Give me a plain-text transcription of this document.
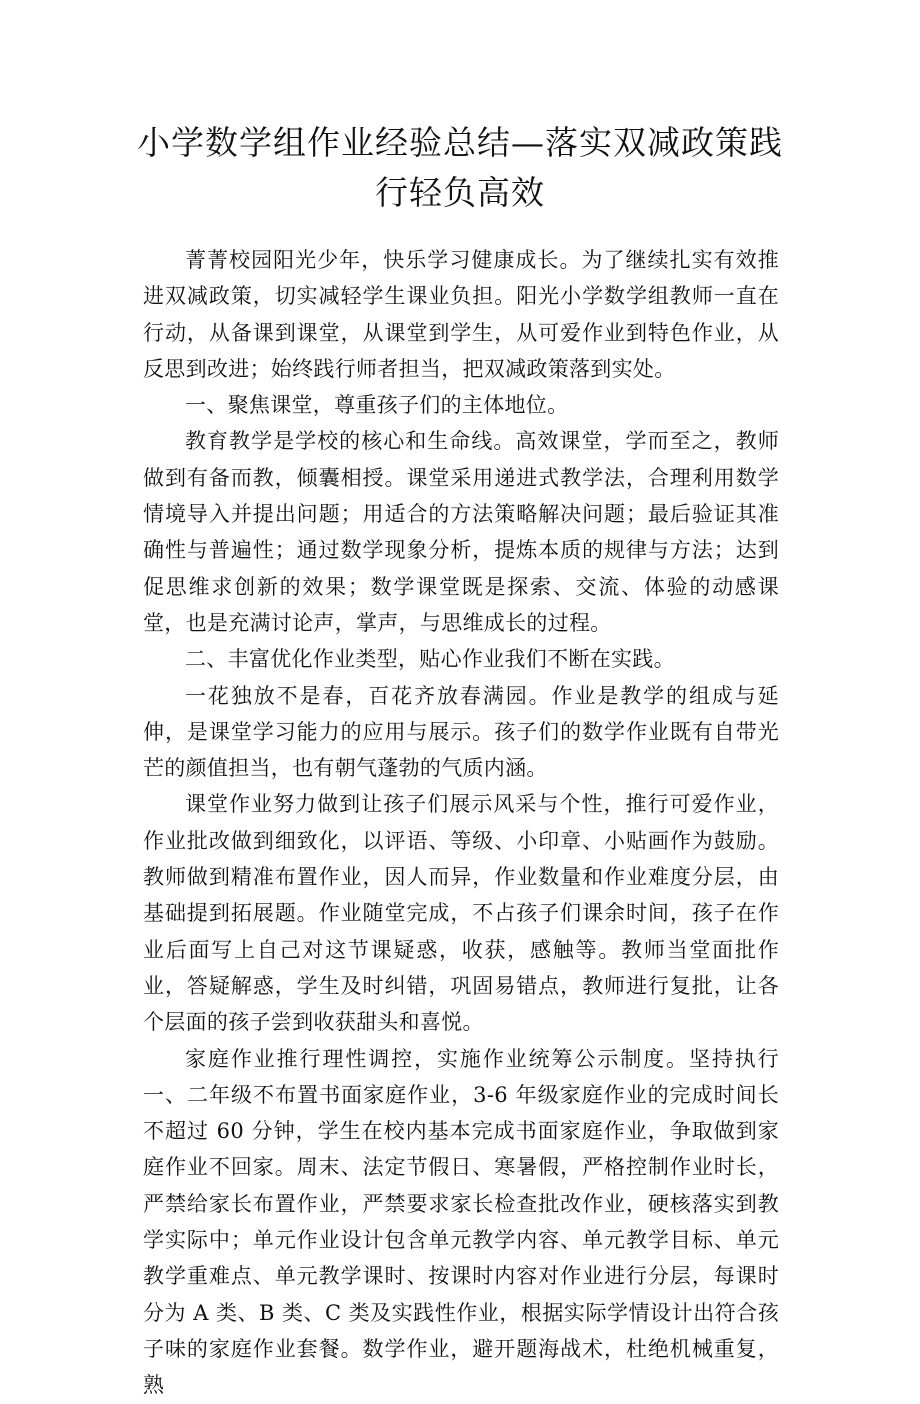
小学数学组作业经验总结—落实双减政策践
行轻负高效

菁菁校园阳光少年，快乐学习健康成长。为了继续扎实有效推进双减政策，切实减轻学生课业负担。阳光小学数学组教师一直在行动，从备课到课堂，从课堂到学生，从可爱作业到特色作业，从反思到改进；始终践行师者担当，把双减政策落到实处。

一、聚焦课堂，尊重孩子们的主体地位。

教育教学是学校的核心和生命线。高效课堂，学而至之，教师做到有备而教，倾囊相授。课堂采用递进式教学法，合理利用数学情境导入并提出问题；用适合的方法策略解决问题；最后验证其准确性与普遍性；通过数学现象分析，提炼本质的规律与方法；达到促思维求创新的效果；数学课堂既是探索、交流、体验的动感课堂，也是充满讨论声，掌声，与思维成长的过程。

二、丰富优化作业类型，贴心作业我们不断在实践。

一花独放不是春，百花齐放春满园。作业是教学的组成与延伸，是课堂学习能力的应用与展示。孩子们的数学作业既有自带光芒的颜值担当，也有朝气蓬勃的气质内涵。

课堂作业努力做到让孩子们展示风采与个性，推行可爱作业，作业批改做到细致化，以评语、等级、小印章、小贴画作为鼓励。教师做到精准布置作业，因人而异，作业数量和作业难度分层，由基础提到拓展题。作业随堂完成，不占孩子们课余时间，孩子在作业后面写上自己对这节课疑惑，收获，感触等。教师当堂面批作业，答疑解惑，学生及时纠错，巩固易错点，教师进行复批，让各个层面的孩子尝到收获甜头和喜悦。

家庭作业推行理性调控，实施作业统筹公示制度。坚持执行一、二年级不布置书面家庭作业，3-6 年级家庭作业的完成时间长不超过 60 分钟，学生在校内基本完成书面家庭作业，争取做到家庭作业不回家。周末、法定节假日、寒暑假，严格控制作业时长，严禁给家长布置作业，严禁要求家长检查批改作业，硬核落实到教学实际中；单元作业设计包含单元教学内容、单元教学目标、单元教学重难点、单元教学课时、按课时内容对作业进行分层，每课时分为 A 类、B 类、C 类及实践性作业，根据实际学情设计出符合孩子味的家庭作业套餐。数学作业，避开题海战术，杜绝机械重复，熟
